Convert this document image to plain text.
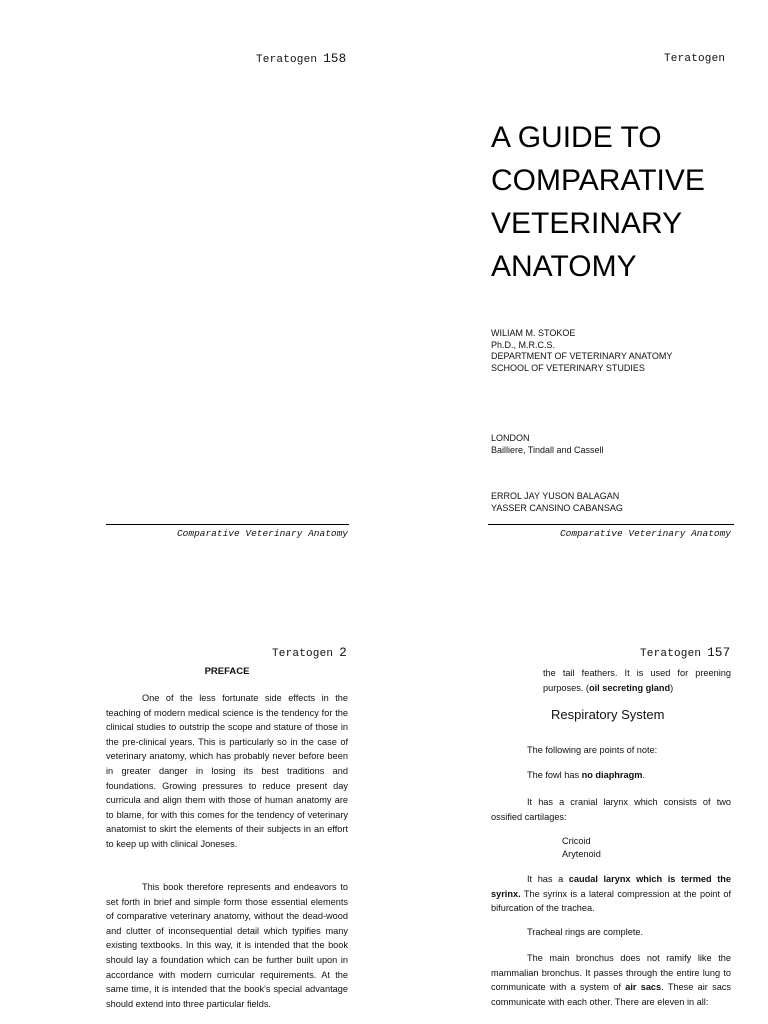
Teratogen 158
Comparative Veterinary Anatomy
Teratogen
A GUIDE TO
COMPARATIVE
VETERINARY
ANATOMY
WILIAM M. STOKOE
Ph.D., M.R.C.S.
DEPARTMENT OF VETERINARY ANATOMY
SCHOOL OF VETERINARY STUDIES
LONDON
Bailliere, Tindall and Cassell
ERROL JAY YUSON BALAGAN
YASSER CANSINO CABANSAG
Comparative Veterinary Anatomy
Teratogen 2
PREFACE
One of the less fortunate side effects in the teaching of modern medical science is the tendency for the clinical studies to outstrip the scope and stature of those in the pre-clinical years. This is particularly so in the case of veterinary anatomy, which has probably never before been in greater danger in losing its best traditions and foundations. Growing pressures to reduce present day curricula and align them with those of human anatomy are to blame, for with this comes for the tendency of veterinary anatomist to skirt the elements of their subjects in an effort to keep up with clinical Joneses.
This book therefore represents and endeavors to set forth in brief and simple form those essential elements of comparative veterinary anatomy, without the dead-wood and clutter of inconsequential detail which typifies many existing textbooks. In this way, it is intended that the book should lay a foundation which can be further built upon in accordance with modern curricular requirements. At the same time, it is intended that the book's special advantage should extend into three particular fields.
Teratogen 157
the tail feathers. It is used for preening purposes. (oil secreting gland)
Respiratory System
The following are points of note:
The fowl has no diaphragm.
It has a cranial larynx which consists of two ossified cartilages:
Cricoid
Arytenoid
It has a caudal larynx which is termed the syrinx. The syrinx is a lateral compression at the point of bifurcation of the trachea.
Tracheal rings are complete.
The main bronchus does not ramify like the mammalian bronchus. It passes through the entire lung to communicate with a system of air sacs. These air sacs communicate with each other. There are eleven in all:
